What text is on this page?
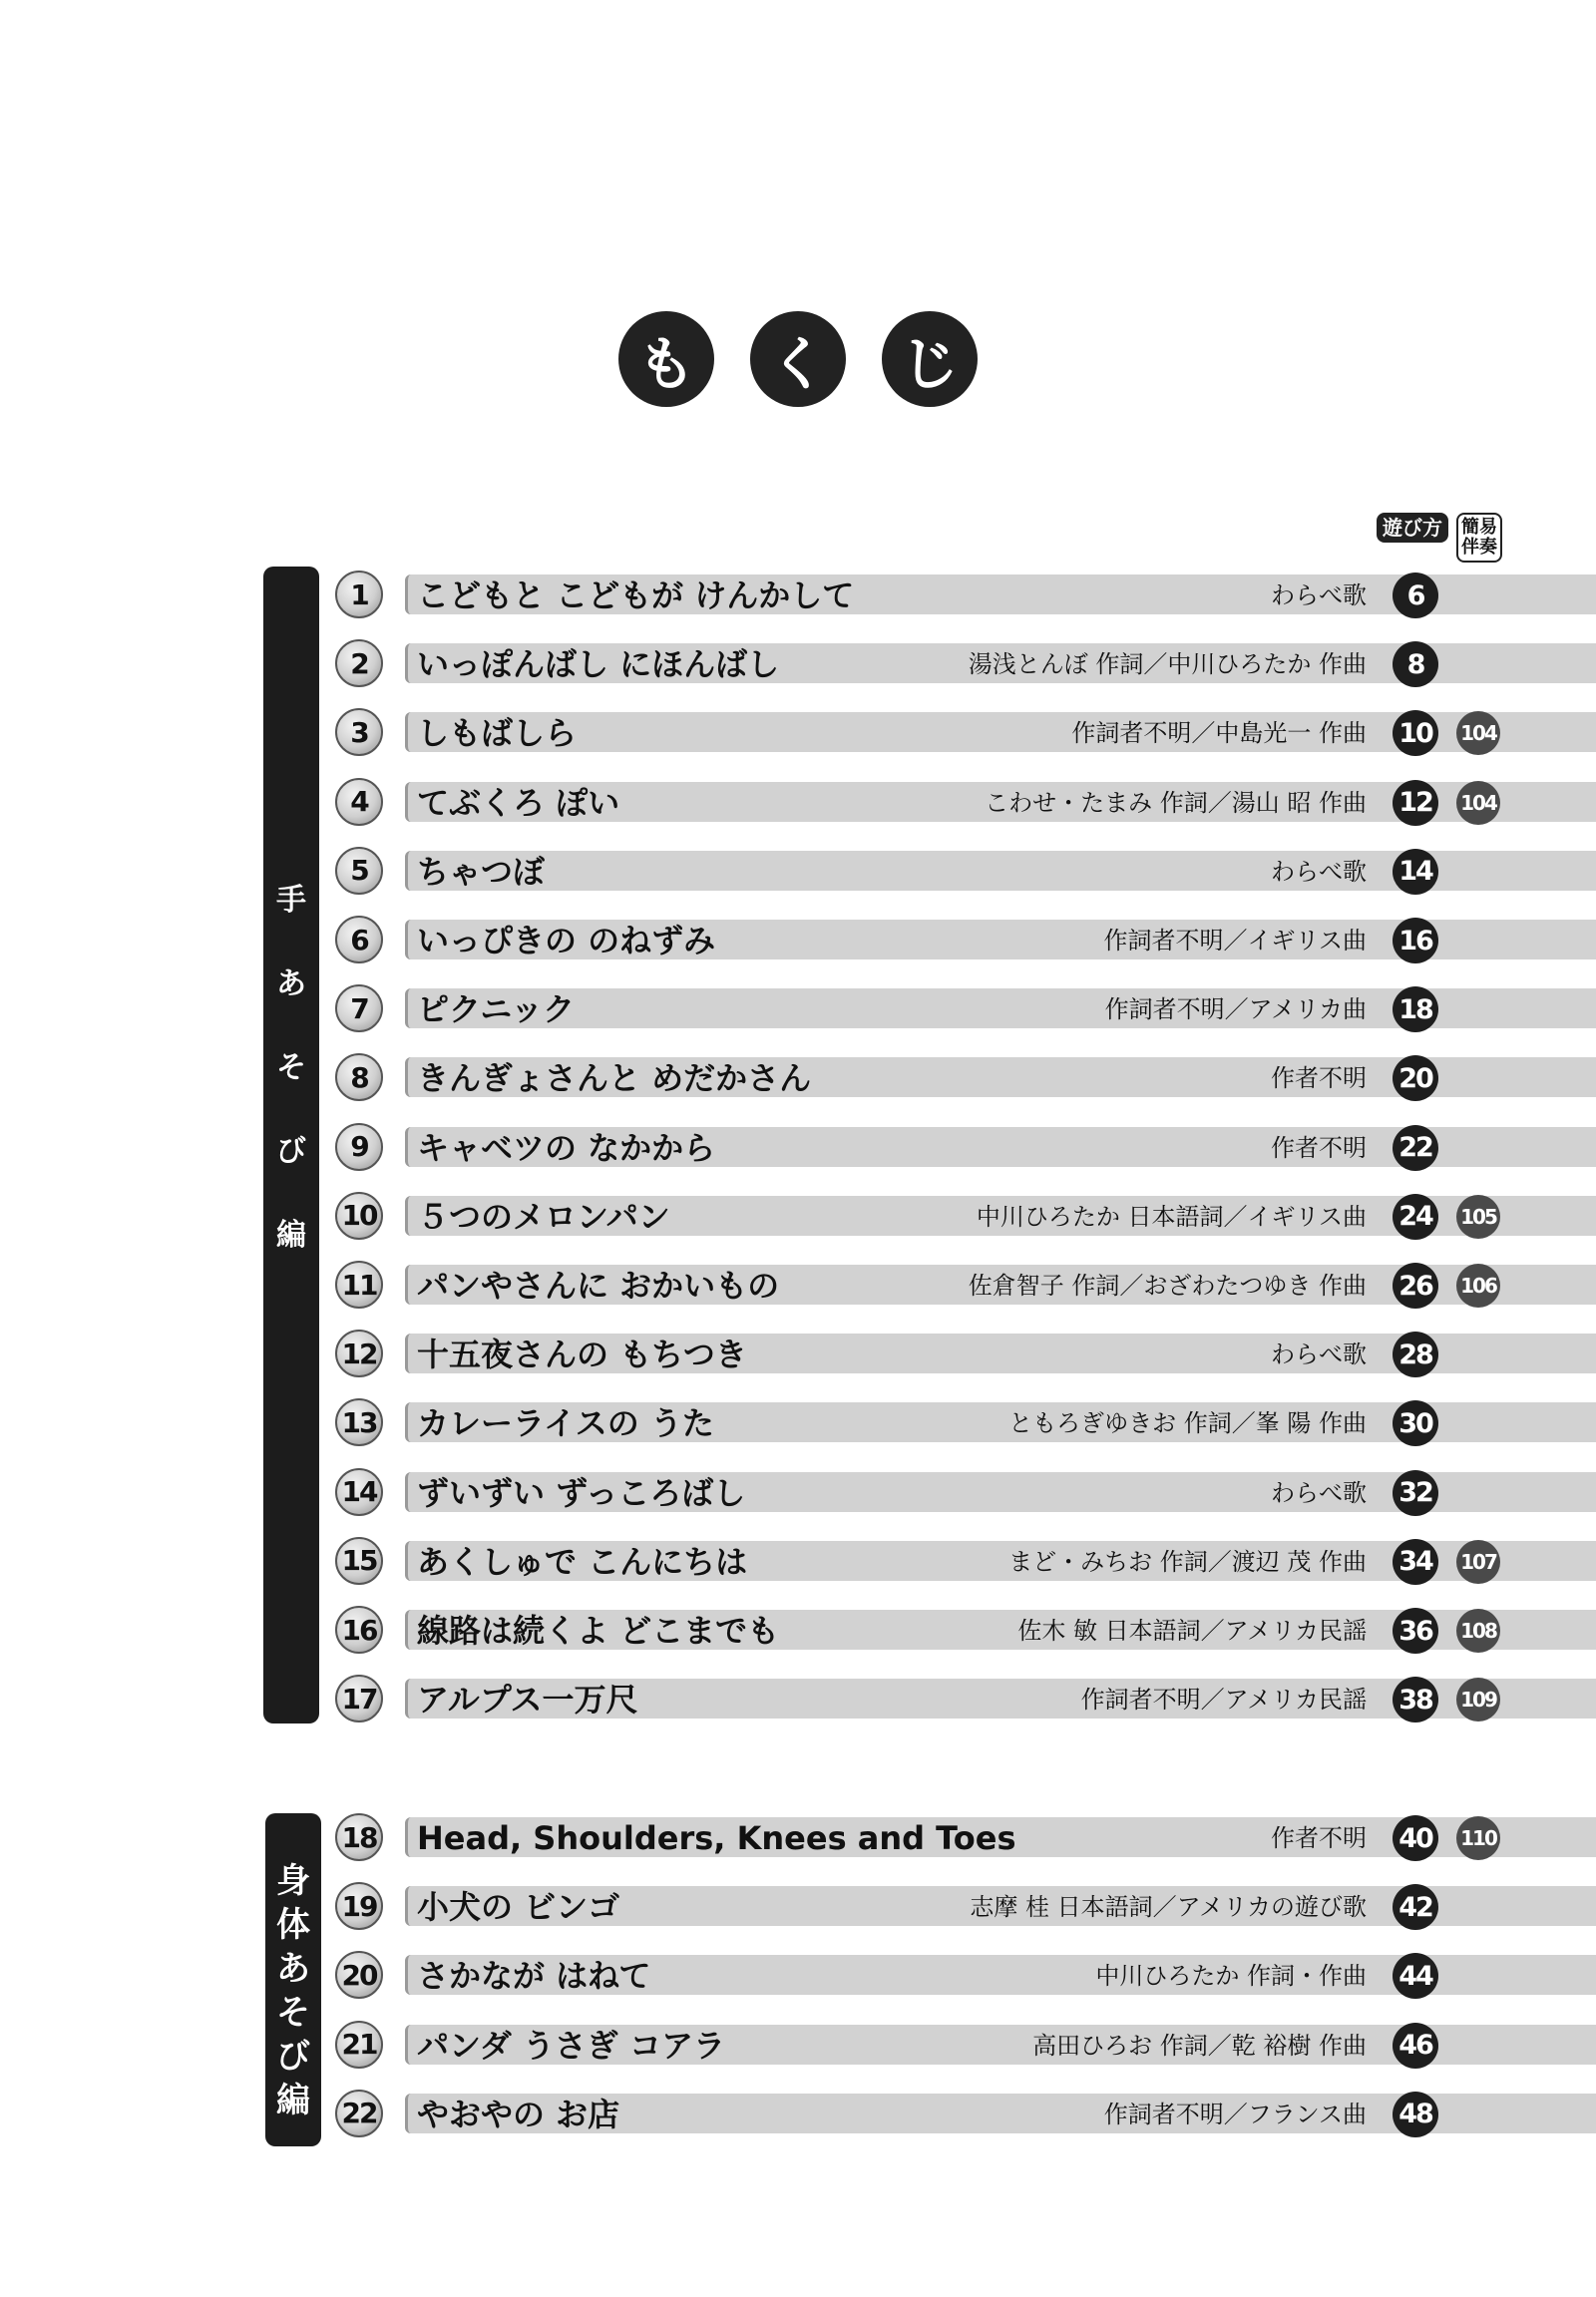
も	く	じ
遊び方	簡易
伴奏
手
あ
そ
び
編
身
体
あ
そ
び
編
1	こどもと こどもが けんかして	わらべ歌	6
2	いっぽんばし にほんばし	湯浅とんぼ 作詞／中川ひろたか 作曲	8
3	しもばしら	作詞者不明／中島光一 作曲 10	104
4	てぶくろ ぽい	こわせ・たまみ 作詞／湯山 昭 作曲 12	104
5	ちゃつぼ	わらべ歌 14
6	いっぴきの のねずみ	作詞者不明／イギリス曲 16
7	ピクニック	作詞者不明／アメリカ曲 18
8	きんぎょさんと めだかさん	作者不明 20
9	キャベツの なかから	作者不明 22
10 ５つのメロンパン	中川ひろたか 日本語詞／イギリス曲 24	105
11 パンやさんに おかいもの	佐倉智子 作詞／おざわたつゆき 作曲 26	106
12 十五夜さんの もちつき	わらべ歌 28
13 カレーライスの うた	ともろぎゆきお 作詞／峯 陽 作曲 30
14 ずいずい ずっころばし	わらべ歌 32
15 あくしゅで こんにちは	まど・みちお 作詞／渡辺 茂 作曲 34	107
16 線路は続くよ どこまでも	佐木 敏 日本語詞／アメリカ民謡 36	108
17 アルプス一万尺	作詞者不明／アメリカ民謡 38	109
18 Head, Shoulders, Knees and Toes	作者不明 40	110
19 小犬の ビンゴ	志摩 桂 日本語詞／アメリカの遊び歌 42
20 さかなが はねて	中川ひろたか 作詞・作曲 44
21 パンダ うさぎ コアラ	高田ひろお 作詞／乾 裕樹 作曲 46
22 やおやの お店	作詞者不明／フランス曲 48
